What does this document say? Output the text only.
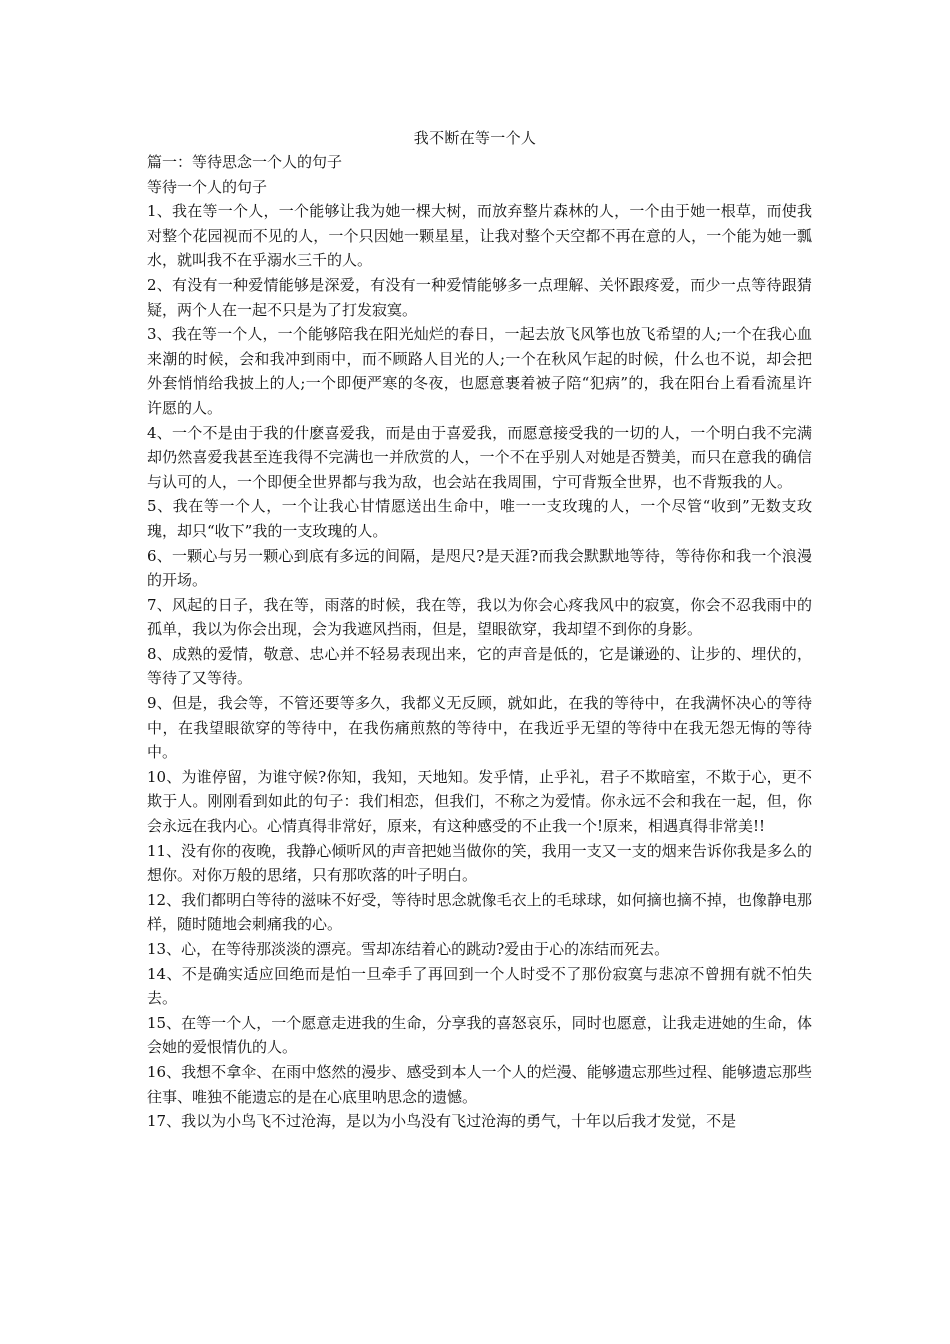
我不断在等一个人

篇一：等待思念一个人的句子

等待一个人的句子

1、我在等一个人，一个能够让我为她一棵大树，而放弃整片森林的人，一个由于她一根草，而使我对整个花园视而不见的人，一个只因她一颗星星，让我对整个天空都不再在意的人，一个能为她一瓢水，就叫我不在乎溺水三千的人。

2、有没有一种爱情能够是深爱，有没有一种爱情能够多一点理解、关怀跟疼爱，而少一点等待跟猜疑，两个人在一起不只是为了打发寂寞。

3、我在等一个人，一个能够陪我在阳光灿烂的春日，一起去放飞风筝也放飞希望的人;一个在我心血来潮的时候，会和我冲到雨中，而不顾路人目光的人;一个在秋风乍起的时候，什么也不说，却会把外套悄悄给我披上的人;一个即便严寒的冬夜，也愿意裹着被子陪“犯病”的，我在阳台上看看流星许许愿的人。

4、一个不是由于我的什麽喜爱我，而是由于喜爱我，而愿意接受我的一切的人，一个明白我不完满却仍然喜爱我甚至连我得不完满也一并欣赏的人，一个不在乎别人对她是否赞美，而只在意我的确信与认可的人，一个即便全世界都与我为敌，也会站在我周围，宁可背叛全世界，也不背叛我的人。

5、我在等一个人，一个让我心甘情愿送出生命中，唯一一支玫瑰的人，一个尽管“收到”无数支玫瑰，却只“收下”我的一支玫瑰的人。

6、一颗心与另一颗心到底有多远的间隔，是咫尺?是天涯?而我会默默地等待，等待你和我一个浪漫的开场。

7、风起的日子，我在等，雨落的时候，我在等，我以为你会心疼我风中的寂寞，你会不忍我雨中的孤单，我以为你会出现，会为我遮风挡雨，但是，望眼欲穿，我却望不到你的身影。

8、成熟的爱情，敬意、忠心并不轻易表现出来，它的声音是低的，它是谦逊的、让步的、埋伏的，等待了又等待。

9、但是，我会等，不管还要等多久，我都义无反顾，就如此，在我的等待中，在我满怀决心的等待中，在我望眼欲穿的等待中，在我伤痛煎熬的等待中，在我近乎无望的等待中在我无怨无悔的等待中。

10、为谁停留，为谁守候?你知，我知，天地知。发乎情，止乎礼，君子不欺暗室，不欺于心，更不欺于人。刚刚看到如此的句子：我们相恋，但我们，不称之为爱情。你永远不会和我在一起，但，你会永远在我内心。心情真得非常好，原来，有这种感受的不止我一个!原来，相遇真得非常美!!

11、没有你的夜晚，我静心倾听风的声音把她当做你的笑，我用一支又一支的烟来告诉你我是多么的想你。对你万般的思绪，只有那吹落的叶子明白。

12、我们都明白等待的滋味不好受，等待时思念就像毛衣上的毛球球，如何摘也摘不掉，也像静电那样，随时随地会刺痛我的心。

13、心，在等待那淡淡的漂亮。雪却冻结着心的跳动?爱由于心的冻结而死去。

14、不是确实适应回绝而是怕一旦牵手了再回到一个人时受不了那份寂寞与悲凉不曾拥有就不怕失去。

15、在等一个人，一个愿意走进我的生命，分享我的喜怒哀乐，同时也愿意，让我走进她的生命，体会她的爱恨情仇的人。

16、我想不拿伞、在雨中悠然的漫步、感受到本人一个人的烂漫、能够遗忘那些过程、能够遗忘那些往事、唯独不能遗忘的是在心底里呐思念的遗憾。

17、我以为小鸟飞不过沧海，是以为小鸟没有飞过沧海的勇气，十年以后我才发觉，不是
